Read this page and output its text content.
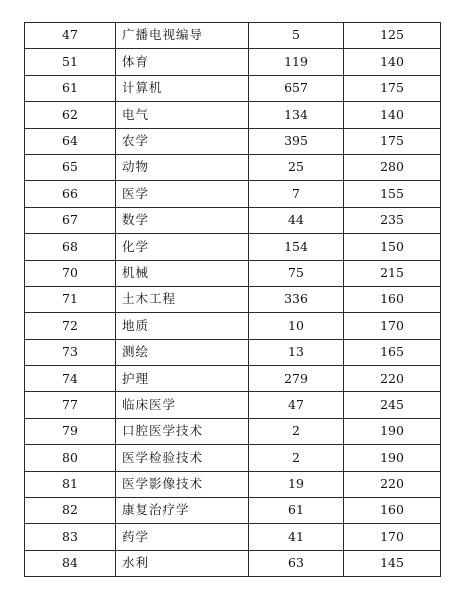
47	广播电视编导	5	125
51	体育	119	140
61	计算机	657	175
62	电气	134	140
64	农学	395	175
65	动物	25	280
66	医学	7	155
67	数学	44	235
68	化学	154	150
70	机械	75	215
71	土木工程	336	160
72	地质	10	170
73	测绘	13	165
74	护理	279	220
77	临床医学	47	245
79	口腔医学技术	2	190
80	医学检验技术	2	190
81	医学影像技术	19	220
82	康复治疗学	61	160
83	药学	41	170
84	水利	63	145
